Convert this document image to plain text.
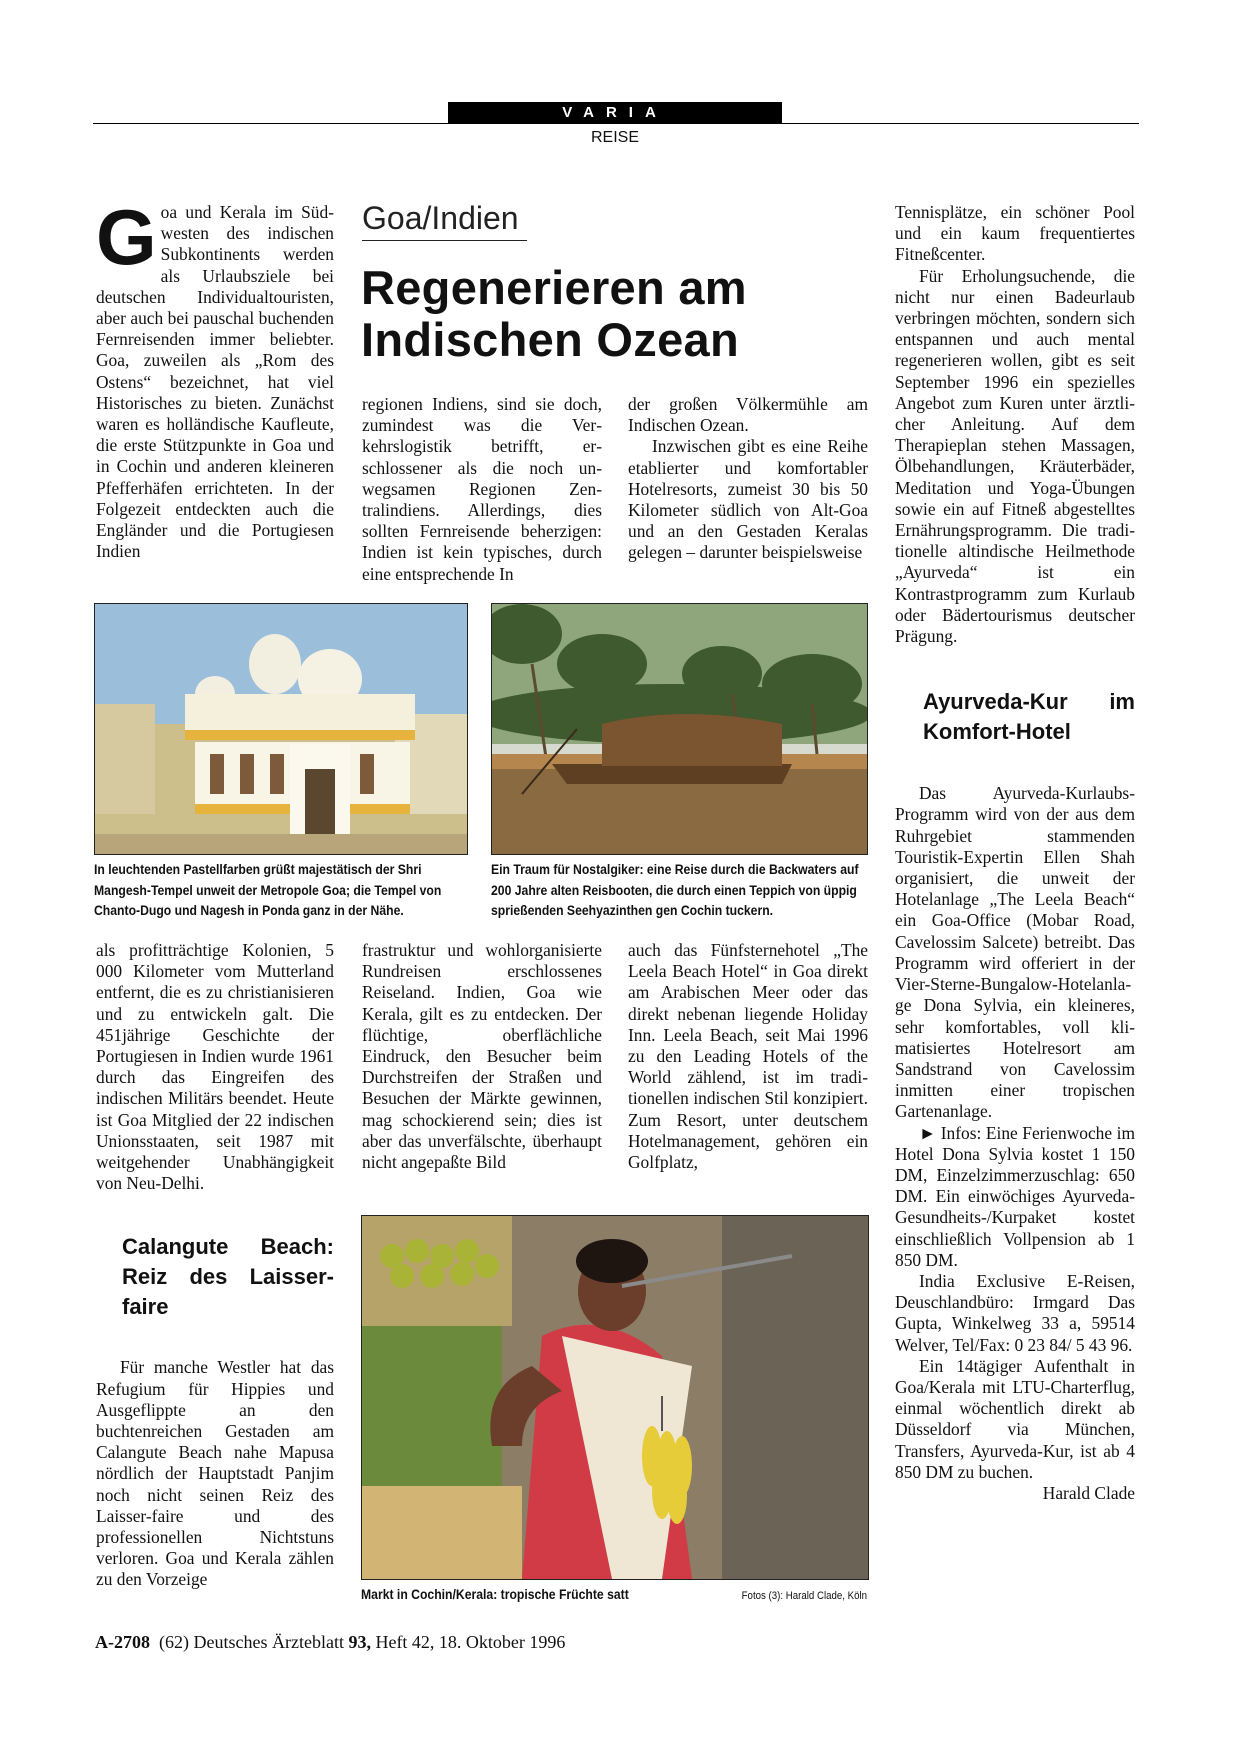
VARIA
REISE

Goa und Kerala im Südwesten des indischen Subkontinents werden als Urlaubsziele bei deutschen Individualtouristen, aber auch bei pauschal buchenden Fernreisenden immer beliebter. Goa, zuweilen als „Rom des Ostens“ bezeichnet, hat viel Historisches zu bieten. Zunächst waren es holländische Kaufleute, die erste Stützpunkte in Goa und in Cochin und anderen kleineren Pfefferhäfen errichteten. In der Folgezeit entdeckten auch die Engländer und die Portugiesen Indien

Goa/Indien
Regenerieren am Indischen Ozean

regionen Indiens, sind sie doch, zumindest was die Verkehrslogistik betrifft, erschlossener als die noch unwegsamen Regionen Zentralindiens. Allerdings, dies sollten Fernreisende beherzigen: Indien ist kein typisches, durch eine entsprechende In

der großen Völkermühle am Indischen Ozean.

Inzwischen gibt es eine Reihe etablierter und komfortabler Hotelresorts, zumeist 30 bis 50 Kilometer südlich von Alt-Goa und an den Gestaden Keralas gelegen – darunter beispielsweise

Tennisplätze, ein schöner Pool und ein kaum frequentiertes Fitneßcenter.

Für Erholungsuchende, die nicht nur einen Badeurlaub verbringen möchten, sondern sich entspannen und auch mental regenerieren wollen, gibt es seit September 1996 ein spezielles Angebot zum Kuren unter ärztlicher Anleitung. Auf dem Therapieplan stehen Massagen, Ölbehandlungen, Kräuterbäder, Meditation und Yoga-Übungen sowie ein auf Fitneß abgestelltes Ernährungsprogramm. Die traditionelle altindische Heilmethode „Ayurveda“ ist ein Kontrastprogramm zum Kurlaub oder Bädertourismus deutscher Prägung.

Ayurveda-Kur im Komfort-Hotel

Das Ayurveda-Kurlaubs-Programm wird von der aus dem Ruhrgebiet stammenden Touristik-Expertin Ellen Shah organisiert, die unweit der Hotelanlage „The Leela Beach“ ein Goa-Office (Mobar Road, Cavelossim Salcete) betreibt. Das Programm wird offeriert in der Vier-Sterne-Bungalow-Hotelanlage Dona Sylvia, ein kleineres, sehr komfortables, voll klimatisiertes Hotelresort am Sandstrand von Cavelossim inmitten einer tropischen Gartenanlage.

► Infos: Eine Ferienwoche im Hotel Dona Sylvia kostet 1 150 DM, Einzelzimmerzuschlag: 650 DM. Ein einwöchiges Ayurveda-Gesundheits-/Kurpaket kostet einschließlich Vollpension ab 1 850 DM.

India Exclusive E-Reisen, Deuschlandbüro: Irmgard Das Gupta, Winkelweg 33 a, 59514 Welver, Tel/Fax: 0 23 84/ 5 43 96.

Ein 14tägiger Aufenthalt in Goa/Kerala mit LTU-Charterflug, einmal wöchentlich direkt ab Düsseldorf via München, Transfers, Ayurveda-Kur, ist ab 4 850 DM zu buchen.
Harald Clade

In leuchtenden Pastellfarben grüßt majestätisch der Shri Mangesh-Tempel unweit der Metropole Goa; die Tempel von Chanto-Dugo und Nagesh in Ponda ganz in der Nähe.
Ein Traum für Nostalgiker: eine Reise durch die Backwaters auf 200 Jahre alten Reisbooten, die durch einen Teppich von üppig sprießenden Seehyazinthen gen Cochin tuckern.

als profitträchtige Kolonien, 5 000 Kilometer vom Mutterland entfernt, die es zu christianisieren und zu entwickeln galt. Die 451jährige Geschichte der Portugiesen in Indien wurde 1961 durch das Eingreifen des indischen Militärs beendet. Heute ist Goa Mitglied der 22 indischen Unionsstaaten, seit 1987 mit weitgehender Unabhängigkeit von Neu-Delhi.

Calangute Beach: Reiz des Laisser-faire

Für manche Westler hat das Refugium für Hippies und Ausgeflippte an den buchtenreichen Gestaden am Calangute Beach nahe Mapusa nördlich der Hauptstadt Panjim noch nicht seinen Reiz des Laisser-faire und des professionellen Nichtstuns verloren. Goa und Kerala zählen zu den Vorzeige

frastruktur und wohlorganisierte Rundreisen erschlossenes Reiseland. Indien, Goa wie Kerala, gilt es zu entdecken. Der flüchtige, oberflächliche Eindruck, den Besucher beim Durchstreifen der Straßen und Besuchen der Märkte gewinnen, mag schockierend sein; dies ist aber das unverfälschte, überhaupt nicht angepaßte Bild

auch das Fünfsternehotel „The Leela Beach Hotel“ in Goa direkt am Arabischen Meer oder das direkt nebenan liegende Holiday Inn. Leela Beach, seit Mai 1996 zu den Leading Hotels of the World zählend, ist im traditionellen indischen Stil konzipiert. Zum Resort, unter deutschem Hotelmanagement, gehören ein Golfplatz,

Markt in Cochin/Kerala: tropische Früchte satt	Fotos (3): Harald Clade, Köln
A-2708 (62) Deutsches Ärzteblatt 93, Heft 42, 18. Oktober 1996
